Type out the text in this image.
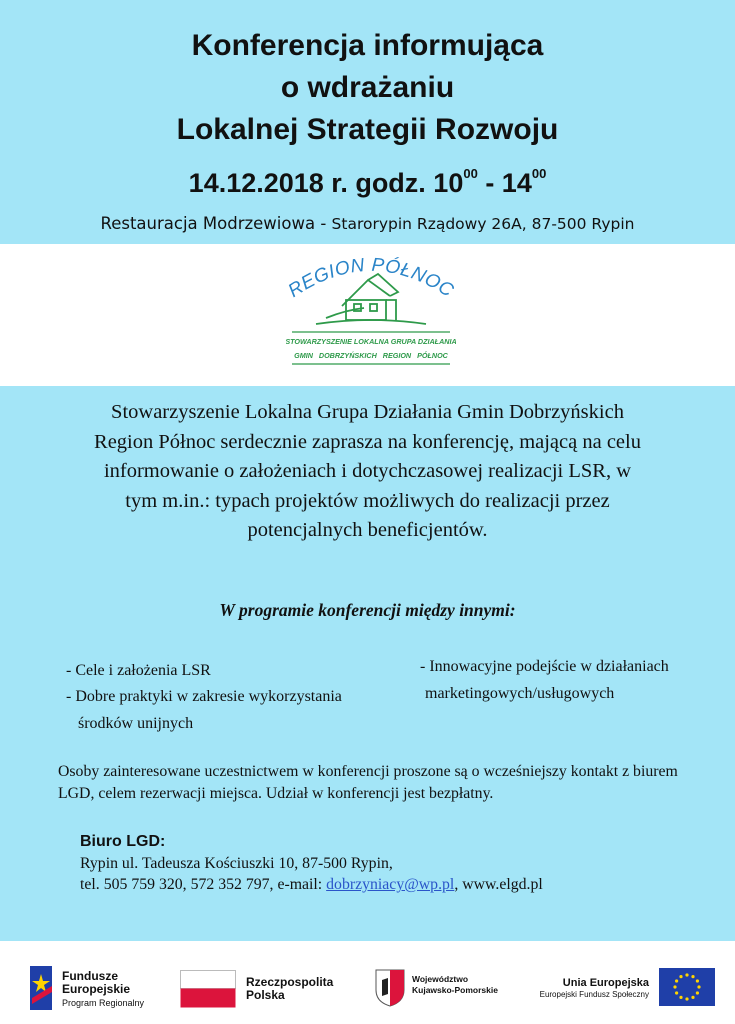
Konferencja informująca
o wdrażaniu
Lokalnej Strategii Rozwoju
14.12.2018 r. godz. $10^{00} - 14^{00}$
Restauracja Modrzewiowa - Starorypin Rządowy 26A, 87-500 Rypin
REGION PÓŁNOC
STOWARZYSZENIE LOKALNA GRUPA DZIAŁANIA
GMIN   DOBRZYŃSKICH   REGION   PÓŁNOC
Stowarzyszenie Lokalna Grupa Działania Gmin Dobrzyńskich
Region Północ serdecznie zaprasza na konferencję, mającą na celu
informowanie o założeniach i dotychczasowej realizacji LSR, w
tym m.in.: typach projektów możliwych do realizacji przez
potencjalnych beneficjentów.
W programie konferencji między innymi:
- Cele i założenia LSR
- Dobre praktyki w zakresie wykorzystania
środków unijnych
- Innowacyjne podejście w działaniach
marketingowych/usługowych
Osoby zainteresowane uczestnictwem w konferencji proszone są o wcześniejszy kontakt z biurem LGD, celem rezerwacji miejsca. Udział w konferencji jest bezpłatny.
Biuro LGD:
Rypin ul. Tadeusza Kościuszki 10, 87-500 Rypin,
tel. 505 759 320, 572 352 797, e-mail: dobrzyniacy@wp.pl, www.elgd.pl
Fundusze
Europejskie
Program Regionalny
Rzeczpospolita
Polska
Województwo
Kujawsko-Pomorskie
Unia Europejska
Europejski Fundusz Społeczny
